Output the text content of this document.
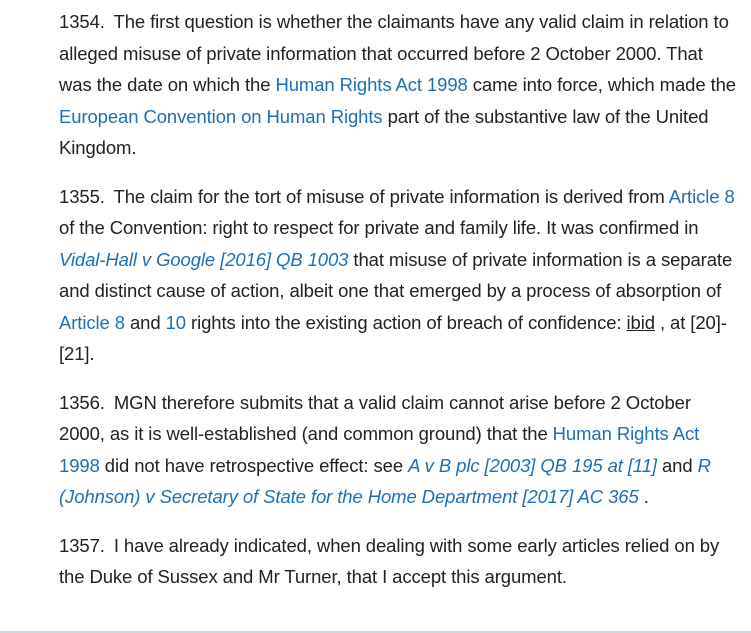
1354. The first question is whether the claimants have any valid claim in relation to alleged misuse of private information that occurred before 2 October 2000. That was the date on which the Human Rights Act 1998 came into force, which made the European Convention on Human Rights part of the substantive law of the United Kingdom.

1355. The claim for the tort of misuse of private information is derived from Article 8 of the Convention: right to respect for private and family life. It was confirmed in Vidal-Hall v Google [2016] QB 1003 that misuse of private information is a separate and distinct cause of action, albeit one that emerged by a process of absorption of Article 8 and 10 rights into the existing action of breach of confidence: ibid , at [20]-[21].

1356. MGN therefore submits that a valid claim cannot arise before 2 October 2000, as it is well-established (and common ground) that the Human Rights Act 1998 did not have retrospective effect: see A v B plc [2003] QB 195 at [11] and R (Johnson) v Secretary of State for the Home Department [2017] AC 365 .

1357. I have already indicated, when dealing with some early articles relied on by the Duke of Sussex and Mr Turner, that I accept this argument.
